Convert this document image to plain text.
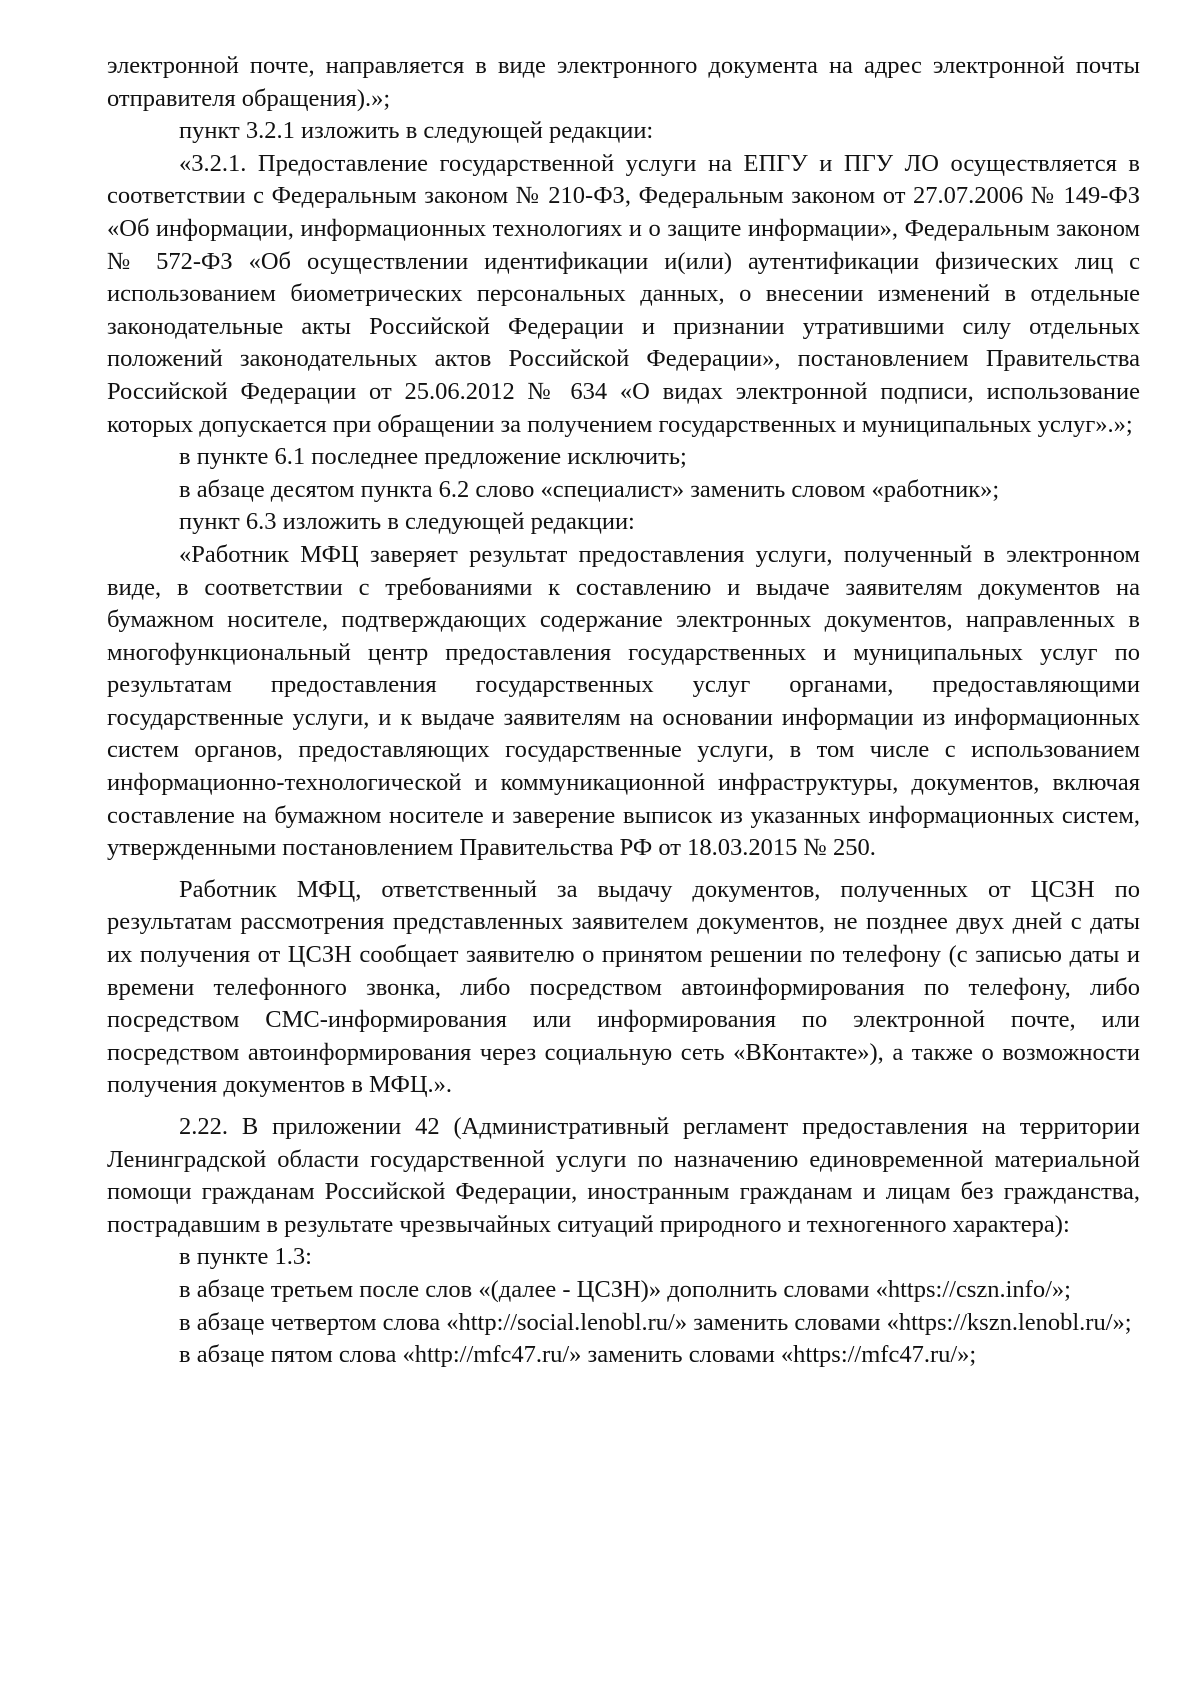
электронной почте, направляется в виде электронного документа на адрес электронной почты отправителя обращения).»;

пункт 3.2.1 изложить в следующей редакции:

«3.2.1. Предоставление государственной услуги на ЕПГУ и ПГУ ЛО осуществляется в соответствии с Федеральным законом № 210-ФЗ, Федеральным законом от 27.07.2006 № 149-ФЗ «Об информации, информационных технологиях и о защите информации», Федеральным законом № 572-ФЗ «Об осуществлении идентификации и(или) аутентификации физических лиц с использованием биометрических персональных данных, о внесении изменений в отдельные законодательные акты Российской Федерации и признании утратившими силу отдельных положений законодательных актов Российской Федерации», постановлением Правительства Российской Федерации от 25.06.2012 № 634 «О видах электронной подписи, использование которых допускается при обращении за получением государственных и муниципальных услуг».»;

в пункте 6.1 последнее предложение исключить;

в абзаце десятом пункта 6.2 слово «специалист» заменить словом «работник»;

пункт 6.3 изложить в следующей редакции:

«Работник МФЦ заверяет результат предоставления услуги, полученный в электронном виде, в соответствии с требованиями к составлению и выдаче заявителям документов на бумажном носителе, подтверждающих содержание электронных документов, направленных в многофункциональный центр предоставления государственных и муниципальных услуг по результатам предоставления государственных услуг органами, предоставляющими государственные услуги, и к выдаче заявителям на основании информации из информационных систем органов, предоставляющих государственные услуги, в том числе с использованием информационно-технологической и коммуникационной инфраструктуры, документов, включая составление на бумажном носителе и заверение выписок из указанных информационных систем, утвержденными постановлением Правительства РФ от 18.03.2015 № 250.

Работник МФЦ, ответственный за выдачу документов, полученных от ЦСЗН по результатам рассмотрения представленных заявителем документов, не позднее двух дней с даты их получения от ЦСЗН сообщает заявителю о принятом решении по телефону (с записью даты и времени телефонного звонка, либо посредством автоинформирования по телефону, либо посредством СМС-информирования или информирования по электронной почте, или посредством автоинформирования через социальную сеть «ВКонтакте»), а также о возможности получения документов в МФЦ.».

2.22. В приложении 42 (Административный регламент предоставления на территории Ленинградской области государственной услуги по назначению единовременной материальной помощи гражданам Российской Федерации, иностранным гражданам и лицам без гражданства, пострадавшим в результате чрезвычайных ситуаций природного и техногенного характера):

в пункте 1.3:

в абзаце третьем после слов «(далее - ЦСЗН)» дополнить словами «https://cszn.info/»;

в абзаце четвертом слова «http://social.lenobl.ru/» заменить словами «https://kszn.lenobl.ru/»;

в абзаце пятом слова «http://mfc47.ru/» заменить словами «https://mfc47.ru/»;
